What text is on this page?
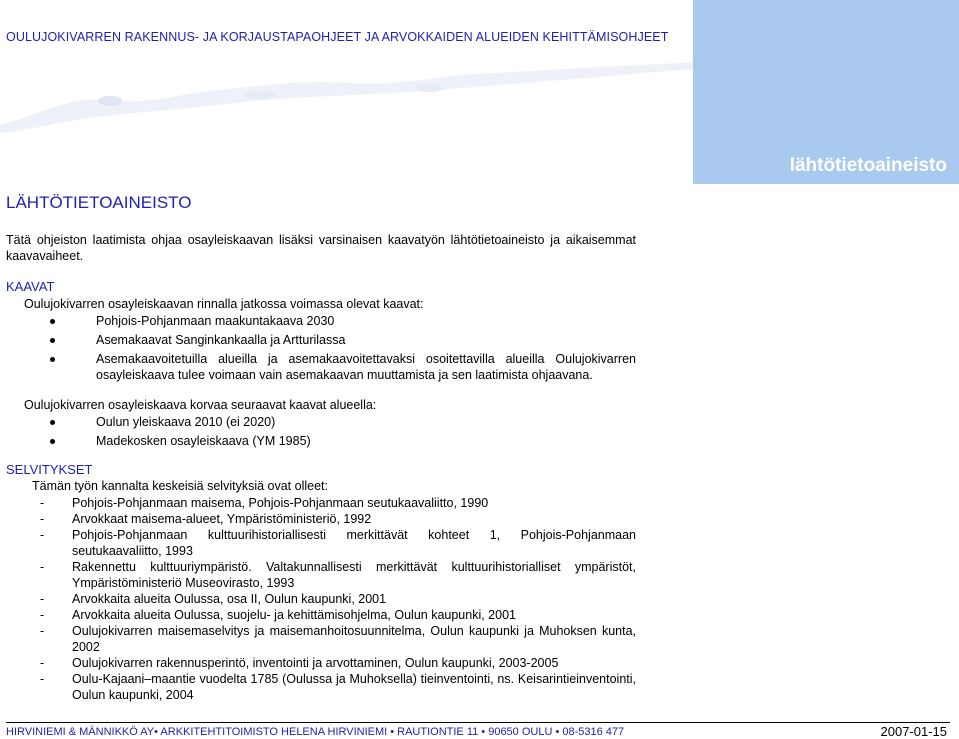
OULUJOKIVARREN RAKENNUS- JA KORJAUSTAPAOHJEET JA ARVOKKAIDEN ALUEIDEN KEHITTÄMISOHJEET
lähtötietoaineisto
LÄHTÖTIETOAINEISTO
Tätä ohjeiston laatimista ohjaa osayleiskaavan lisäksi varsinaisen kaavatyön lähtötietoaineisto ja aikaisemmat kaavavaiheet.
KAAVAT
Oulujokivarren osayleiskaavan rinnalla jatkossa voimassa olevat kaavat:
Pohjois-Pohjanmaan maakuntakaava 2030
Asemakaavat Sanginkankaalla ja Artturilassa
Asemakaavoitetuilla alueilla ja asemakaavoitettavaksi osoitettavilla alueilla Oulujokivarren osayleiskaava tulee voimaan vain asemakaavan muuttamista ja sen laatimista ohjaavana.
Oulujokivarren osayleiskaava korvaa seuraavat kaavat alueella:
Oulun yleiskaava 2010 (ei 2020)
Madekosken osayleiskaava (YM 1985)
SELVITYKSET
Tämän työn kannalta keskeisiä selvityksiä ovat olleet:
- Pohjois-Pohjanmaan maisema, Pohjois-Pohjanmaan seutukaavaliitto, 1990
- Arvokkaat maisema-alueet, Ympäristöministeriö, 1992
- Pohjois-Pohjanmaan kulttuurihistoriallisesti merkittävät kohteet 1, Pohjois-Pohjanmaan seutukaavaliitto, 1993
- Rakennettu kulttuuriympäristö. Valtakunnallisesti merkittävät kulttuurihistorialliset ympäristöt, Ympäristöministeriö Museovirasto, 1993
- Arvokkaita alueita Oulussa, osa II, Oulun kaupunki, 2001
- Arvokkaita alueita Oulussa, suojelu- ja kehittämisohjelma, Oulun kaupunki, 2001
- Oulujokivarren maisemaselvitys ja maisemanhoitosuunnitelma, Oulun kaupunki ja Muhoksen kunta, 2002
- Oulujokivarren rakennusperintö, inventointi ja arvottaminen, Oulun kaupunki, 2003-2005
- Oulu-Kajaani–maantie vuodelta 1785 (Oulussa ja Muhoksella) tieinventointi, ns. Keisarintieinventointi, Oulun kaupunki, 2004
HIRVINIEMI & MÄNNIKKÖ AY• ARKKITEHTITOIMISTO HELENA HIRVINIEMI • RAUTIONTIE 11 • 90650 OULU • 08-5316 477	2007-01-15
